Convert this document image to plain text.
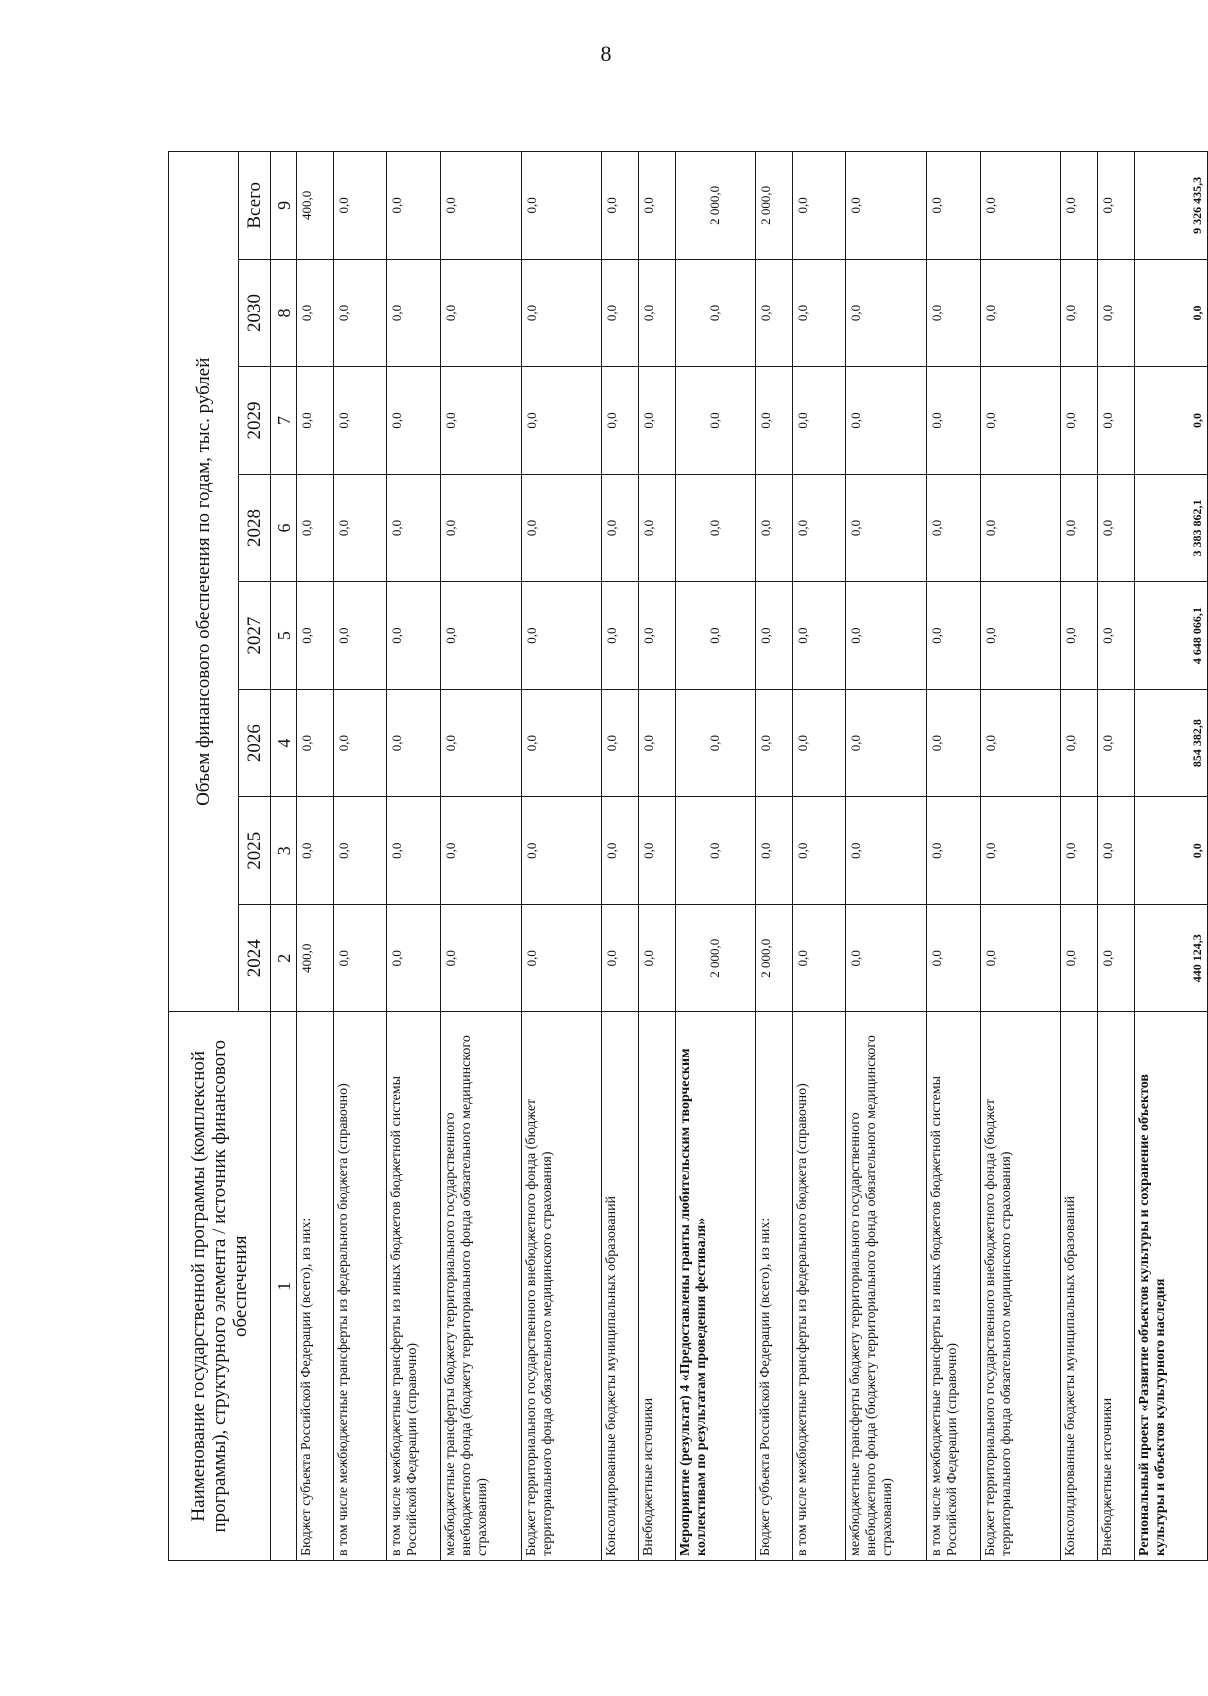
8
Наименование государственной программы (комплексной программы), структурного элемента / источник финансового обеспечения	Объем финансового обеспечения по годам, тыс. рублей							
	2024	2025	2026	2027	2028	2029	2030	Всего
1	2	3	4	5	6	7	8	9
Бюджет субъекта Российской Федерации (всего), из них:	400,0	0,0	0,0	0,0	0,0	0,0	0,0	400,0
в том числе межбюджетные трансферты из федерального бюджета (справочно)	0,0	0,0	0,0	0,0	0,0	0,0	0,0	0,0
в том числе межбюджетные трансферты из иных бюджетов бюджетной системы Российской Федерации (справочно)	0,0	0,0	0,0	0,0	0,0	0,0	0,0	0,0
межбюджетные трансферты бюджету территориального государственного внебюджетного фонда (бюджету территориального фонда обязательного медицинского страхования)	0,0	0,0	0,0	0,0	0,0	0,0	0,0	0,0
Бюджет территориального государственного внебюджетного фонда (бюджет территориального фонда обязательного медицинского страхования)	0,0	0,0	0,0	0,0	0,0	0,0	0,0	0,0
Консолидированные бюджеты муниципальных образований	0,0	0,0	0,0	0,0	0,0	0,0	0,0	0,0
Внебюджетные источники	0,0	0,0	0,0	0,0	0,0	0,0	0,0	0,0
Мероприятие (результат) 4 «Предоставлены гранты любительским творческим коллективам по результатам проведения фестиваля»	2 000,0	0,0	0,0	0,0	0,0	0,0	0,0	2 000,0
Бюджет субъекта Российской Федерации (всего), из них:	2 000,0	0,0	0,0	0,0	0,0	0,0	0,0	2 000,0
в том числе межбюджетные трансферты из федерального бюджета (справочно)	0,0	0,0	0,0	0,0	0,0	0,0	0,0	0,0
межбюджетные трансферты бюджету территориального государственного внебюджетного фонда (бюджету территориального фонда обязательного медицинского страхования)	0,0	0,0	0,0	0,0	0,0	0,0	0,0	0,0
в том числе межбюджетные трансферты из иных бюджетов бюджетной системы Российской Федерации (справочно)	0,0	0,0	0,0	0,0	0,0	0,0	0,0	0,0
Бюджет территориального государственного внебюджетного фонда (бюджет территориального фонда обязательного медицинского страхования)	0,0	0,0	0,0	0,0	0,0	0,0	0,0	0,0
Консолидированные бюджеты муниципальных образований	0,0	0,0	0,0	0,0	0,0	0,0	0,0	0,0
Внебюджетные источники	0,0	0,0	0,0	0,0	0,0	0,0	0,0	0,0
Региональный проект «Развитие объектов культуры и сохранение объектов культуры и объектов культурного наследия	440 124,3	0,0	854 382,8	4 648 066,1	3 383 862,1	0,0	0,0	9 326 435,3
